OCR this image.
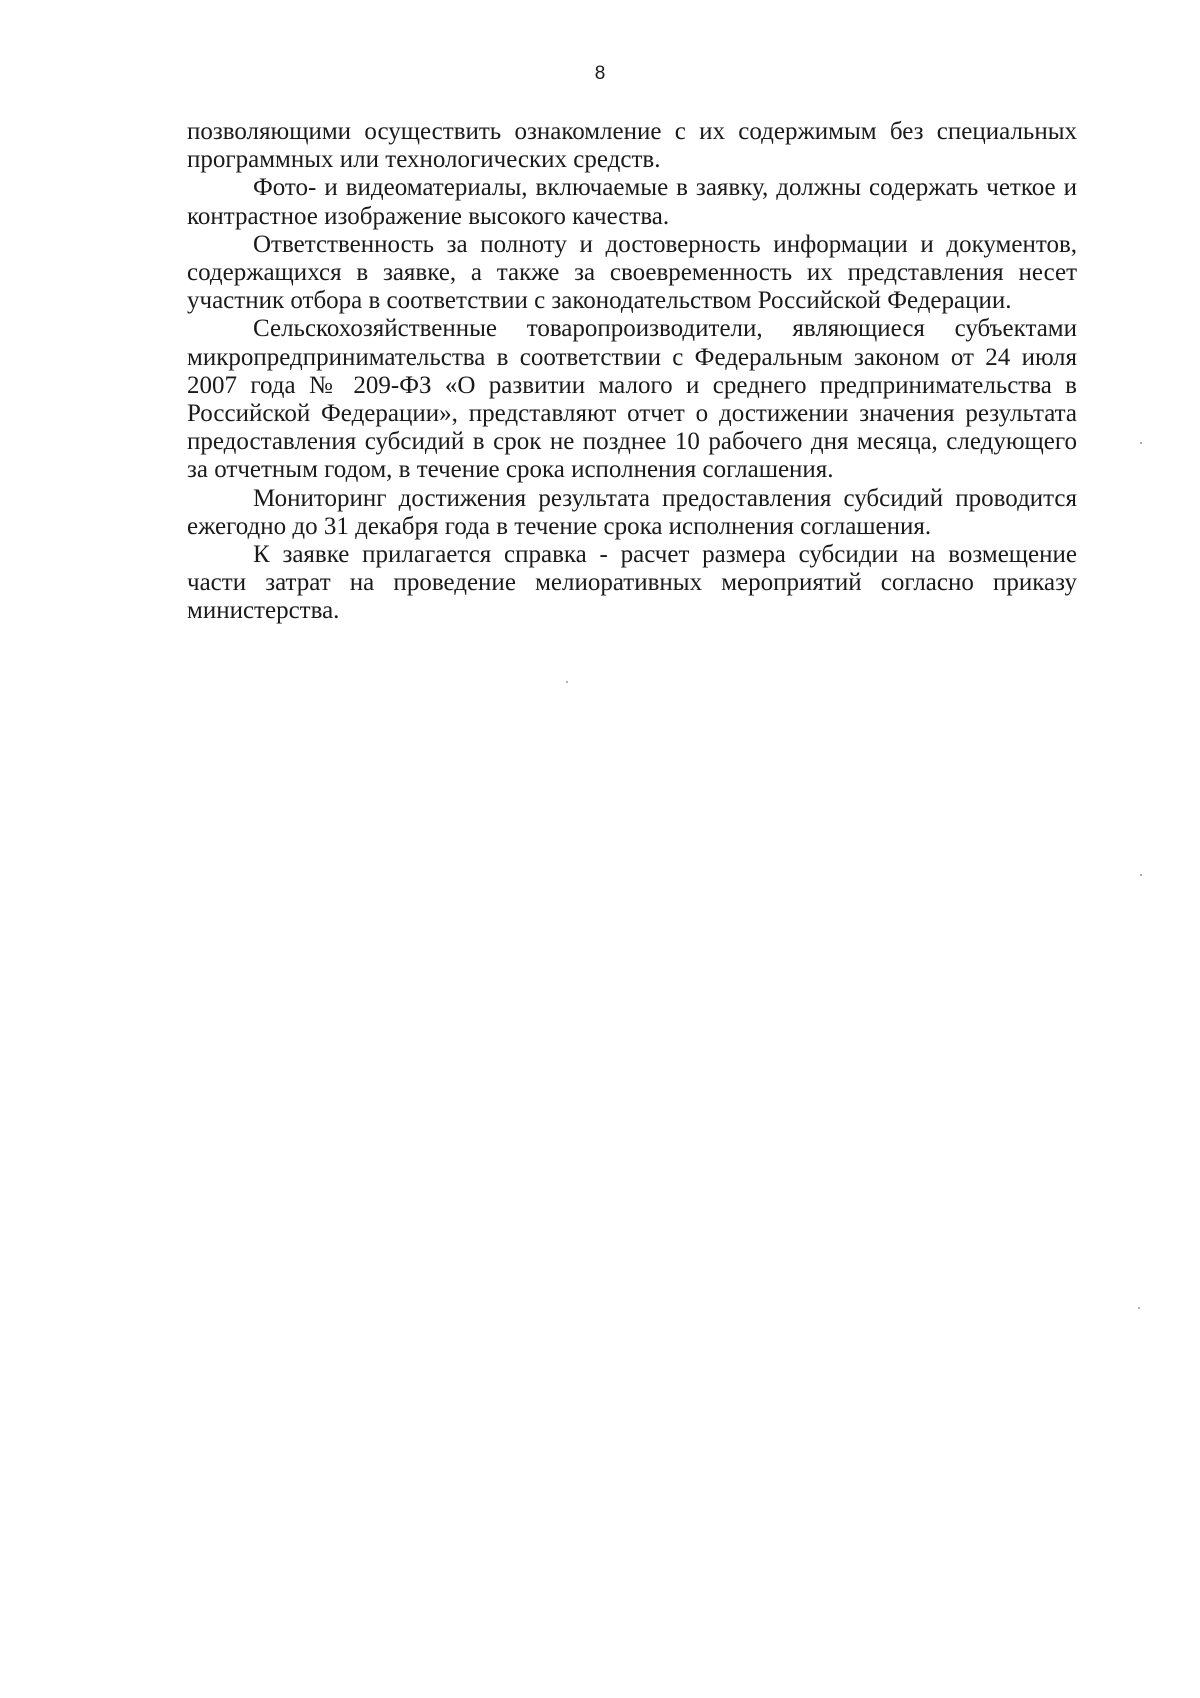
8

позволяющими осуществить ознакомление с их содержимым без специальных программных или технологических средств.

Фото- и видеоматериалы, включаемые в заявку, должны содержать четкое и контрастное изображение высокого качества.

Ответственность за полноту и достоверность информации и документов, содержащихся в заявке, а также за своевременность их представления несет участник отбора в соответствии с законодательством Российской Федерации.

Сельскохозяйственные товаропроизводители, являющиеся субъектами микропредпринимательства в соответствии с Федеральным законом от 24 июля 2007 года № 209-ФЗ «О развитии малого и среднего предпринимательства в Российской Федерации», представляют отчет о достижении значения результата предоставления субсидий в срок не позднее 10 рабочего дня месяца, следующего за отчетным годом, в течение срока исполнения соглашения.

Мониторинг достижения результата предоставления субсидий проводится ежегодно до 31 декабря года в течение срока исполнения соглашения.

К заявке прилагается справка - расчет размера субсидии на возмещение части затрат на проведение мелиоративных мероприятий согласно приказу министерства.
